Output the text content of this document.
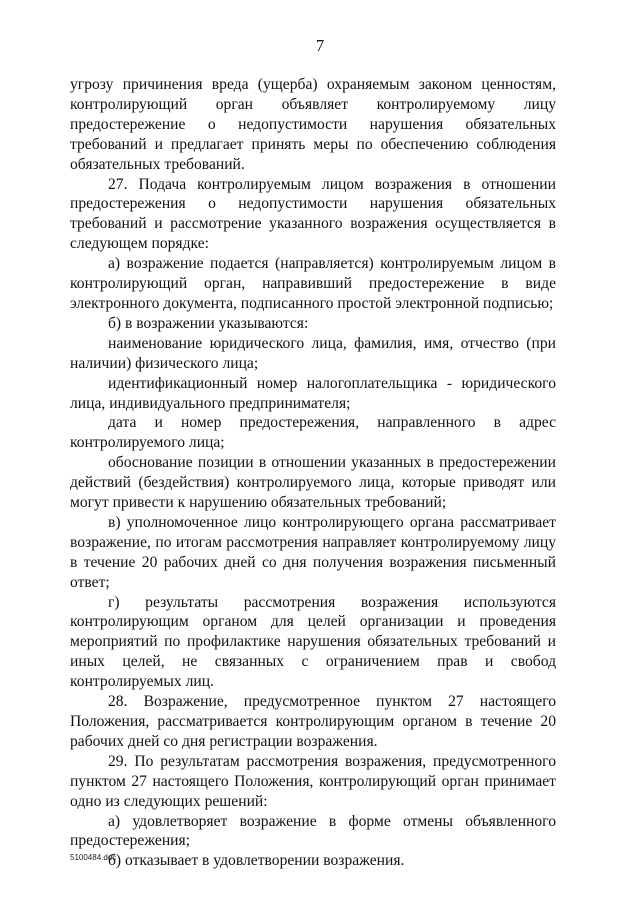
7

угрозу причинения вреда (ущерба) охраняемым законом ценностям, контролирующий орган объявляет контролируемому лицу предостережение о недопустимости нарушения обязательных требований и предлагает принять меры по обеспечению соблюдения обязательных требований.

27. Подача контролируемым лицом возражения в отношении предостережения о недопустимости нарушения обязательных требований и рассмотрение указанного возражения осуществляется в следующем порядке:

а) возражение подается (направляется) контролируемым лицом в контролирующий орган, направивший предостережение в виде электронного документа, подписанного простой электронной подписью;

б) в возражении указываются:

наименование юридического лица, фамилия, имя, отчество (при наличии) физического лица;

идентификационный номер налогоплательщика - юридического лица, индивидуального предпринимателя;

дата и номер предостережения, направленного в адрес контролируемого лица;

обоснование позиции в отношении указанных в предостережении действий (бездействия) контролируемого лица, которые приводят или могут привести к нарушению обязательных требований;

в) уполномоченное лицо контролирующего органа рассматривает возражение, по итогам рассмотрения направляет контролируемому лицу в течение 20 рабочих дней со дня получения возражения письменный ответ;

г) результаты рассмотрения возражения используются контролирующим органом для целей организации и проведения мероприятий по профилактике нарушения обязательных требований и иных целей, не связанных с ограничением прав и свобод контролируемых лиц.

28. Возражение, предусмотренное пунктом 27 настоящего Положения, рассматривается контролирующим органом в течение 20 рабочих дней со дня регистрации возражения.

29. По результатам рассмотрения возражения, предусмотренного пунктом 27 настоящего Положения, контролирующий орган принимает одно из следующих решений:

а) удовлетворяет возражение в форме отмены объявленного предостережения;

б) отказывает в удовлетворении возражения.

5100484.doc
